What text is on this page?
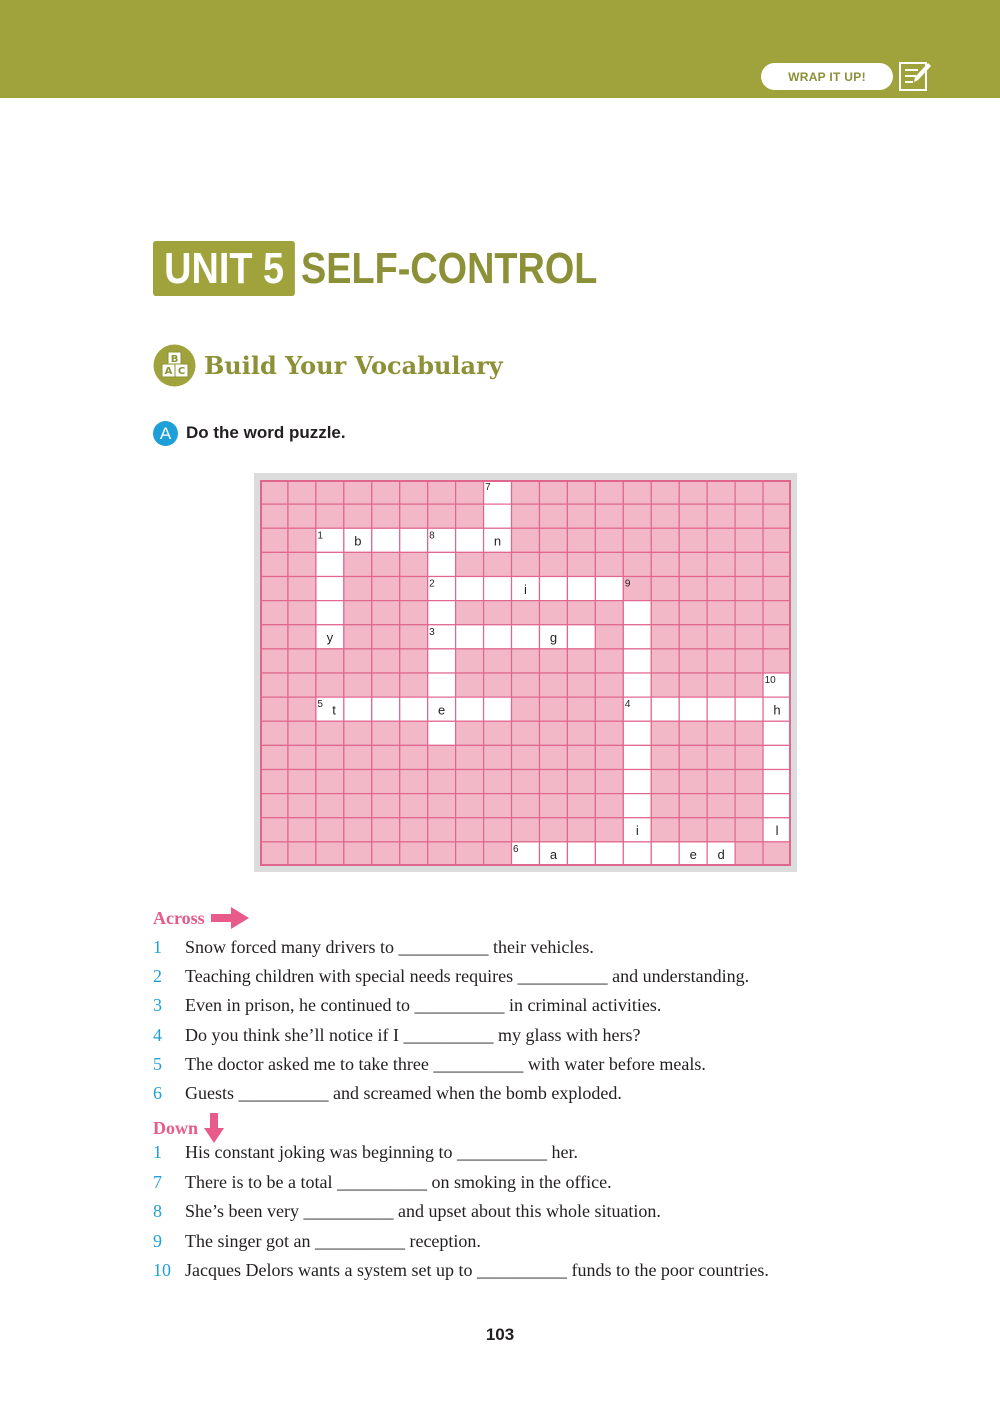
WRAP IT UP!
UNIT 5 SELF-CONTROL
B
A C Build Your Vocabulary
A Do the word puzzle.
7
1	8
2	9
3
10
5	4
6
b	n
i
y	g
t	e	h
i	l
a	e d
Across
1 Snow forced many drivers to __________ their vehicles.
2 Teaching children with special needs requires __________ and understanding.
3 Even in prison, he continued to __________ in criminal activities.
4 Do you think she’ll notice if I __________ my glass with hers?
5 The doctor asked me to take three __________ with water before meals.
6 Guests __________ and screamed when the bomb exploded.
Down
1 His constant joking was beginning to __________ her.
7 There is to be a total __________ on smoking in the office.
8 She’s been very __________ and upset about this whole situation.
9 The singer got an __________ reception.
10 Jacques Delors wants a system set up to __________ funds to the poor countries.
103
